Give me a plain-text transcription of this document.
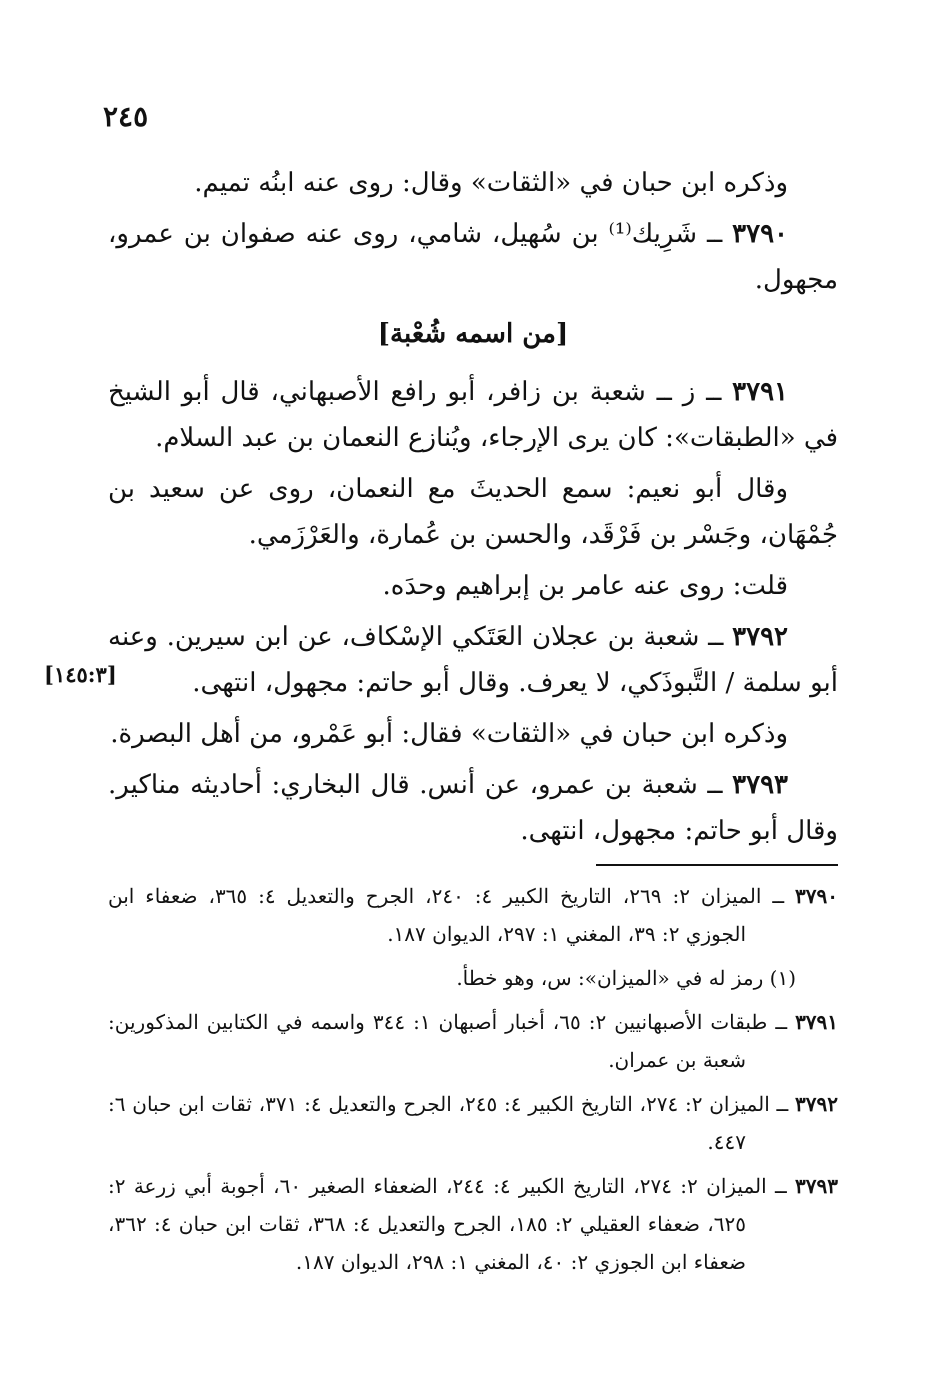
٢٤٥
[١٤٥:٣]

وذكره ابن حبان في «الثقات» وقال: روى عنه ابنُه تميم.

٣٧٩٠ ــ شَرِيك⁽¹⁾ بن سُهيل، شامي، روى عنه صفوان بن عمرو، مجهول.

[من اسمه شُعْبة]

٣٧٩١ ــ ز ــ شعبة بن زافر، أبو رافع الأصبهاني، قال أبو الشيخ في «الطبقات»: كان يرى الإرجاء، ويُنازع النعمان بن عبد السلام.

وقال أبو نعيم: سمع الحديثَ مع النعمان، روى عن سعيد بن جُمْهَان، وجَسْر بن فَرْقَد، والحسن بن عُمارة، والعَرْزَمي.

قلت: روى عنه عامر بن إبراهيم وحدَه.

٣٧٩٢ ــ شعبة بن عجلان العَتَكي الإسْكاف، عن ابن سيرين. وعنه أبو سلمة / التَّبوذَكي، لا يعرف. وقال أبو حاتم: مجهول، انتهى.

وذكره ابن حبان في «الثقات» فقال: أبو عَمْرو، من أهل البصرة.

٣٧٩٣ ــ شعبة بن عمرو، عن أنس. قال البخاري: أحاديثه مناكير. وقال أبو حاتم: مجهول، انتهى.

٣٧٩٠ ــ الميزان ٢: ٢٦٩، التاريخ الكبير ٤: ٢٤٠، الجرح والتعديل ٤: ٣٦٥، ضعفاء ابن الجوزي ٢: ٣٩، المغني ١: ٢٩٧، الديوان ١٨٧.

(١) رمز له في «الميزان»: س، وهو خطأ.

٣٧٩١ ــ طبقات الأصبهانيين ٢: ٦٥، أخبار أصبهان ١: ٣٤٤ واسمه في الكتابين المذكورين: شعبة بن عمران.

٣٧٩٢ ــ الميزان ٢: ٢٧٤، التاريخ الكبير ٤: ٢٤٥، الجرح والتعديل ٤: ٣٧١، ثقات ابن حبان ٦: ٤٤٧.

٣٧٩٣ ــ الميزان ٢: ٢٧٤، التاريخ الكبير ٤: ٢٤٤، الضعفاء الصغير ٦٠، أجوبة أبي زرعة ٢: ٦٢٥، ضعفاء العقيلي ٢: ١٨٥، الجرح والتعديل ٤: ٣٦٨، ثقات ابن حبان ٤: ٣٦٢، ضعفاء ابن الجوزي ٢: ٤٠، المغني ١: ٢٩٨، الديوان ١٨٧.
